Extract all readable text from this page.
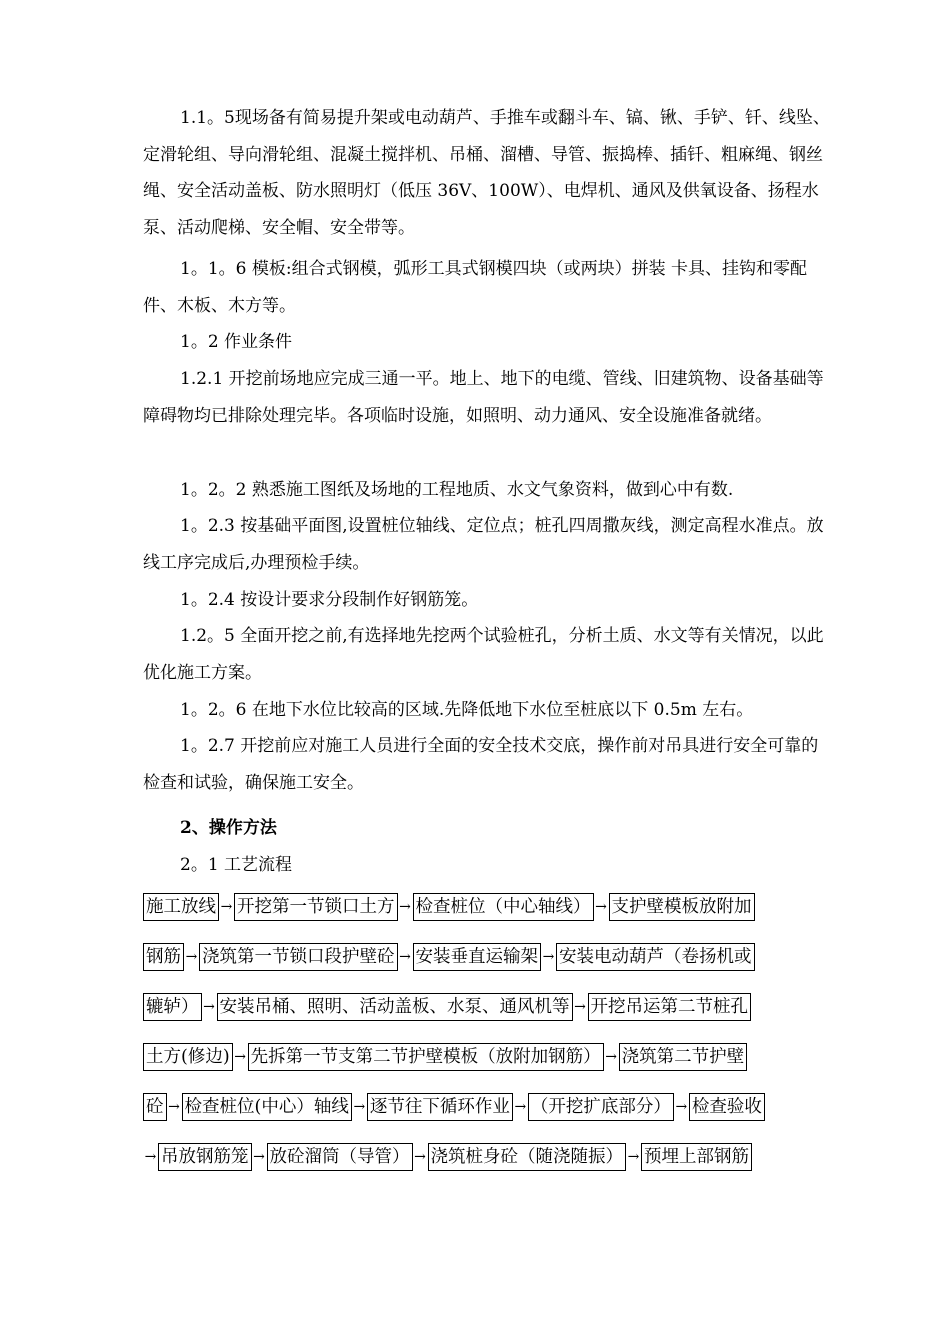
1.1。5现场备有简易提升架或电动葫芦、手推车或翻斗车、镐、锹、手铲、钎、线坠、定滑轮组、导向滑轮组、混凝土搅拌机、吊桶、溜槽、导管、振捣棒、插钎、粗麻绳、钢丝绳、安全活动盖板、防水照明灯（低压 36V、100W）、电焊机、通风及供氧设备、扬程水泵、活动爬梯、安全帽、安全带等。

1。1。6 模板:组合式钢模，弧形工具式钢模四块（或两块）拼装 卡具、挂钩和零配件、木板、木方等。

1。2 作业条件

1.2.1 开挖前场地应完成三通一平。地上、地下的电缆、管线、旧建筑物、设备基础等障碍物均已排除处理完毕。各项临时设施，如照明、动力通风、安全设施准备就绪。

1。2。2 熟悉施工图纸及场地的工程地质、水文气象资料，做到心中有数.

1。2.3 按基础平面图,设置桩位轴线、定位点；桩孔四周撒灰线，测定高程水准点。放线工序完成后,办理预检手续。

1。2.4 按设计要求分段制作好钢筋笼。

1.2。5 全面开挖之前,有选择地先挖两个试验桩孔，分析土质、水文等有关情况，以此优化施工方案。

1。2。6 在地下水位比较高的区域.先降低地下水位至桩底以下 0.5m 左右。

1。2.7 开挖前应对施工人员进行全面的安全技术交底，操作前对吊具进行安全可靠的检查和试验，确保施工安全。

2、操作方法

2。1 工艺流程

施工放线 → 开挖第一节锁口土方 → 检查桩位（中心轴线） → 支护壁模板放附加
钢筋 → 浇筑第一节锁口段护壁砼 → 安装垂直运输架 → 安装电动葫芦（卷扬机或
辘轳） → 安装吊桶、照明、活动盖板、水泵、通风机等 → 开挖吊运第二节桩孔
土方(修边) → 先拆第一节支第二节护壁模板（放附加钢筋） → 浇筑第二节护壁
砼 → 检查桩位(中心）轴线 → 逐节往下循环作业 → （开挖扩底部分） → 检查验收
→ 吊放钢筋笼 → 放砼溜筒（导管） → 浇筑桩身砼（随浇随振） → 预埋上部钢筋
